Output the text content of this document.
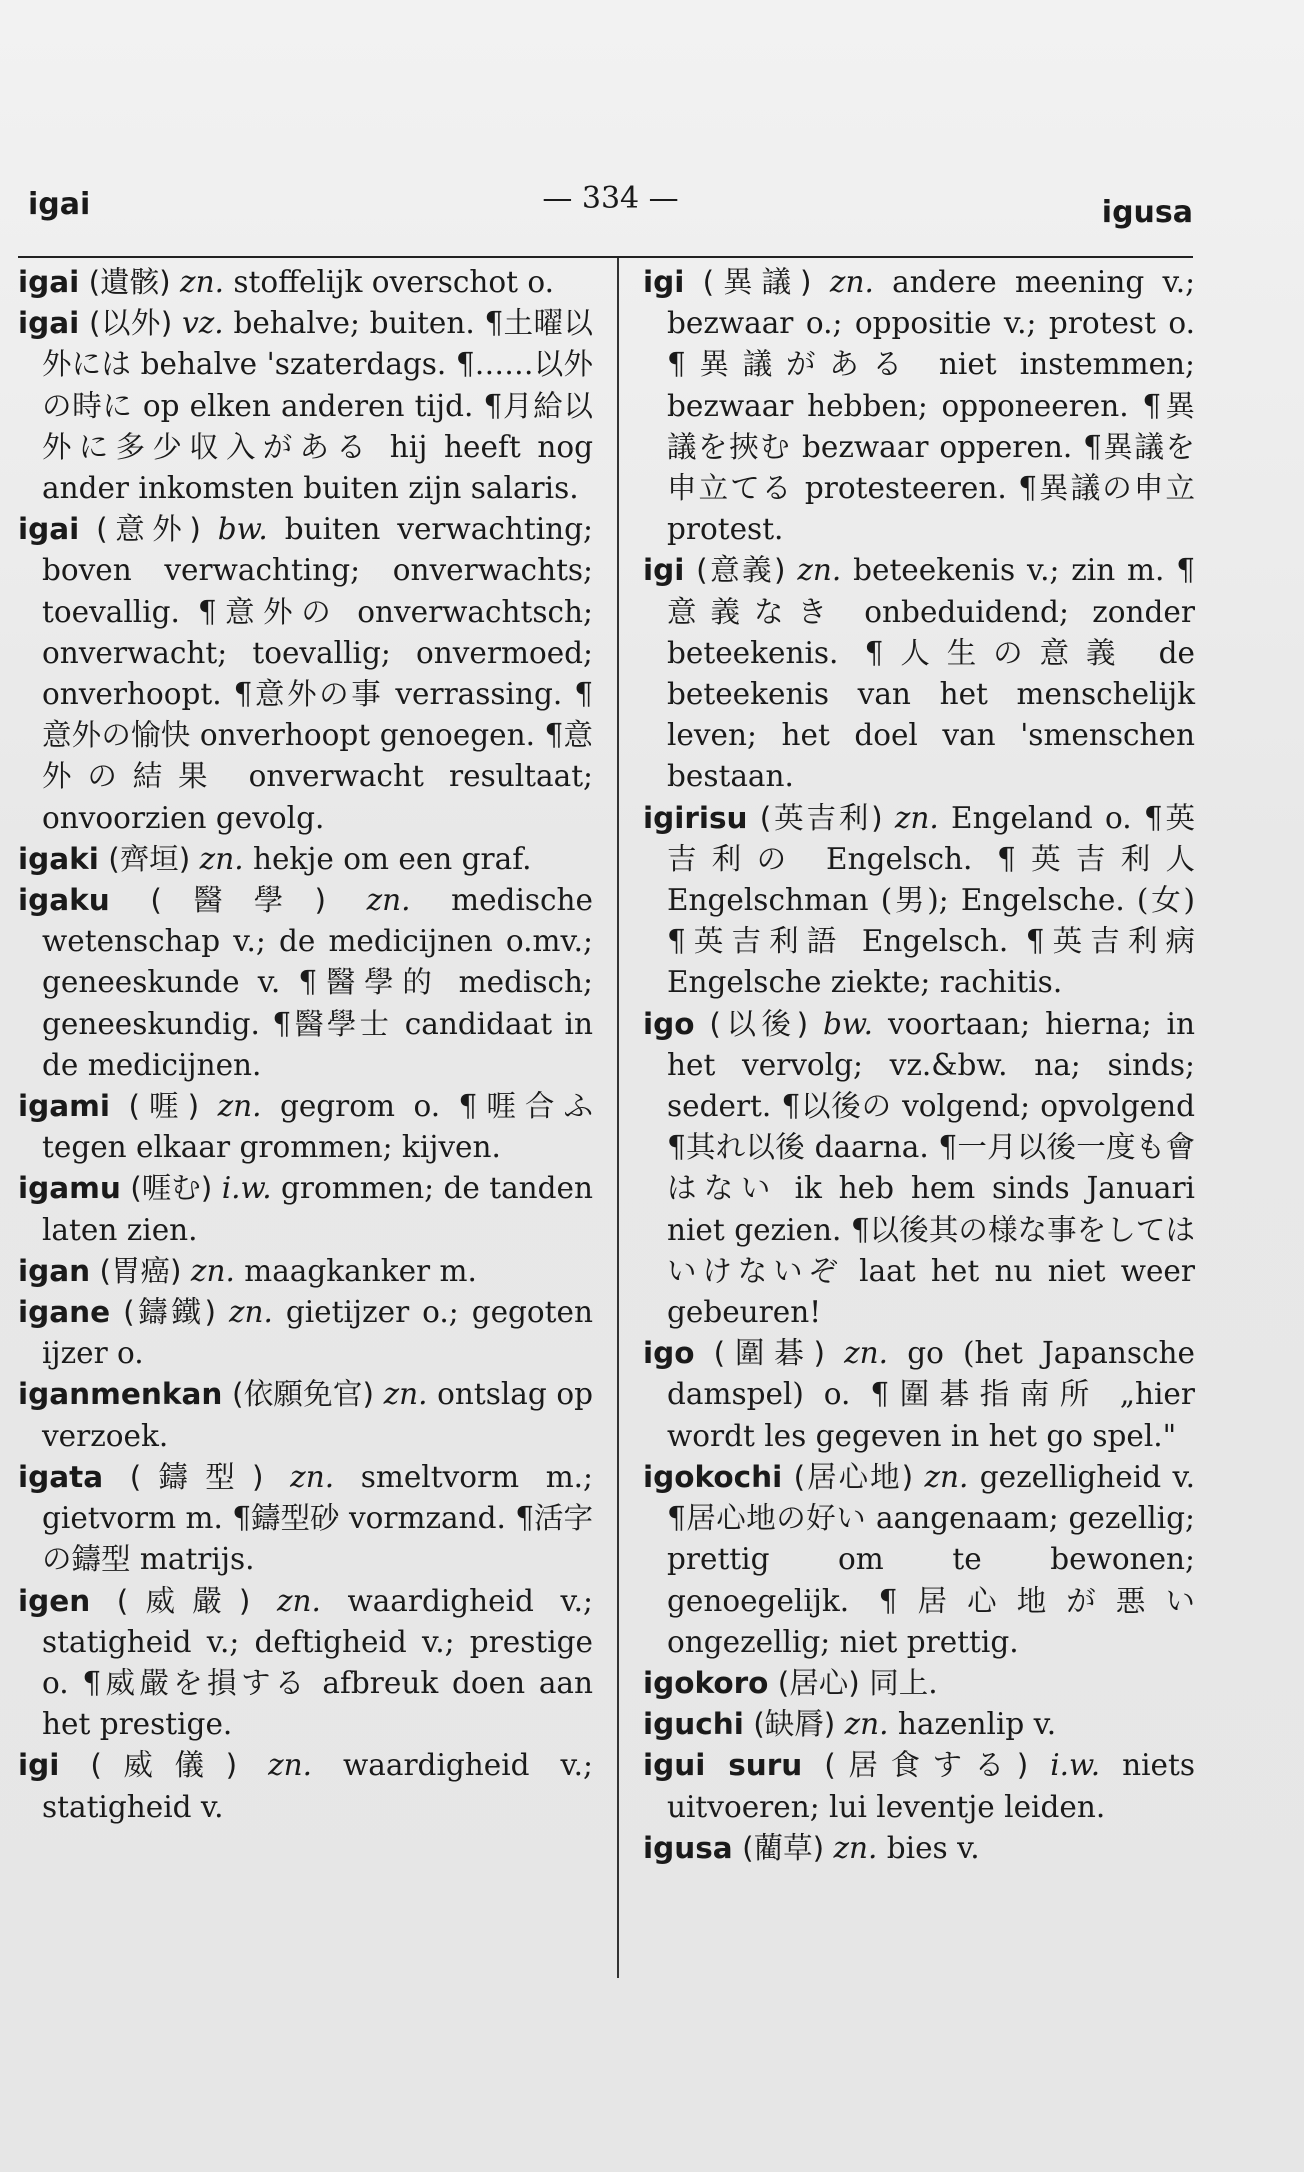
igai	— 334 —	igusa

igai (遺骸) zn. stoffelijk overschot o.

igai (以外) vz. behalve; buiten. ¶土曜以外には behalve 'szaterdags. ¶……以外の時に op elken anderen tijd. ¶月給以外に多少収入がある hij heeft nog ander inkomsten buiten zijn salaris.

igai (意外) bw. buiten verwachting; boven verwachting; onverwachts; toevallig. ¶意外の onverwachtsch; onverwacht; toevallig; onvermoed; onverhoopt. ¶意外の事 verrassing. ¶意外の愉快 onverhoopt genoegen. ¶意外の結果 onverwacht resultaat; onvoorzien gevolg.

igaki (齊垣) zn. hekje om een graf.

igaku (醫學) zn. medische wetenschap v.; de medicijnen o.mv.; geneeskunde v. ¶醫學的 medisch; geneeskundig. ¶醫學士 candidaat in de medicijnen.

igami (啀) zn. gegrom o. ¶啀合ふ tegen elkaar grommen; kijven.

igamu (啀む) i.w. grommen; de tanden laten zien.

igan (胃癌) zn. maagkanker m.

igane (鑄鐵) zn. gietijzer o.; gegoten ijzer o.

iganmenkan (依願免官) zn. ontslag op verzoek.

igata (鑄型) zn. smeltvorm m.; gietvorm m. ¶鑄型砂 vormzand. ¶活字の鑄型 matrijs.

igen (威嚴) zn. waardigheid v.; statigheid v.; deftigheid v.; prestige o. ¶威嚴を損する afbreuk doen aan het prestige.

igi (威儀) zn. waardigheid v.; statigheid v.

igi (異議) zn. andere meening v.; bezwaar o.; oppositie v.; protest o. ¶異議がある niet instemmen; bezwaar hebben; opponeeren. ¶異議を挾む bezwaar opperen. ¶異議を申立てる protesteeren. ¶異議の申立 protest.

igi (意義) zn. beteekenis v.; zin m. ¶意義なき onbeduidend; zonder beteekenis. ¶人生の意義 de beteekenis van het menschelijk leven; het doel van 'smenschen bestaan.

igirisu (英吉利) zn. Engeland o. ¶英吉利の Engelsch. ¶英吉利人 Engelschman (男); Engelsche. (女) ¶英吉利語 Engelsch. ¶英吉利病 Engelsche ziekte; rachitis.

igo (以後) bw. voortaan; hierna; in het vervolg; vz.&bw. na; sinds; sedert. ¶以後の volgend; opvolgend ¶其れ以後 daarna. ¶一月以後一度も會はない ik heb hem sinds Januari niet gezien. ¶以後其の様な事をしてはいけないぞ laat het nu niet weer gebeuren!

igo (圍碁) zn. go (het Japansche damspel) o. ¶圍碁指南所 „hier wordt les gegeven in het go spel."

igokochi (居心地) zn. gezelligheid v. ¶居心地の好い aangenaam; gezellig; prettig om te bewonen; genoegelijk. ¶居心地が悪い ongezellig; niet prettig.

igokoro (居心) 同上.

iguchi (缺脣) zn. hazenlip v.

igui suru (居食する) i.w. niets uitvoeren; lui leventje leiden.

igusa (藺草) zn. bies v.
